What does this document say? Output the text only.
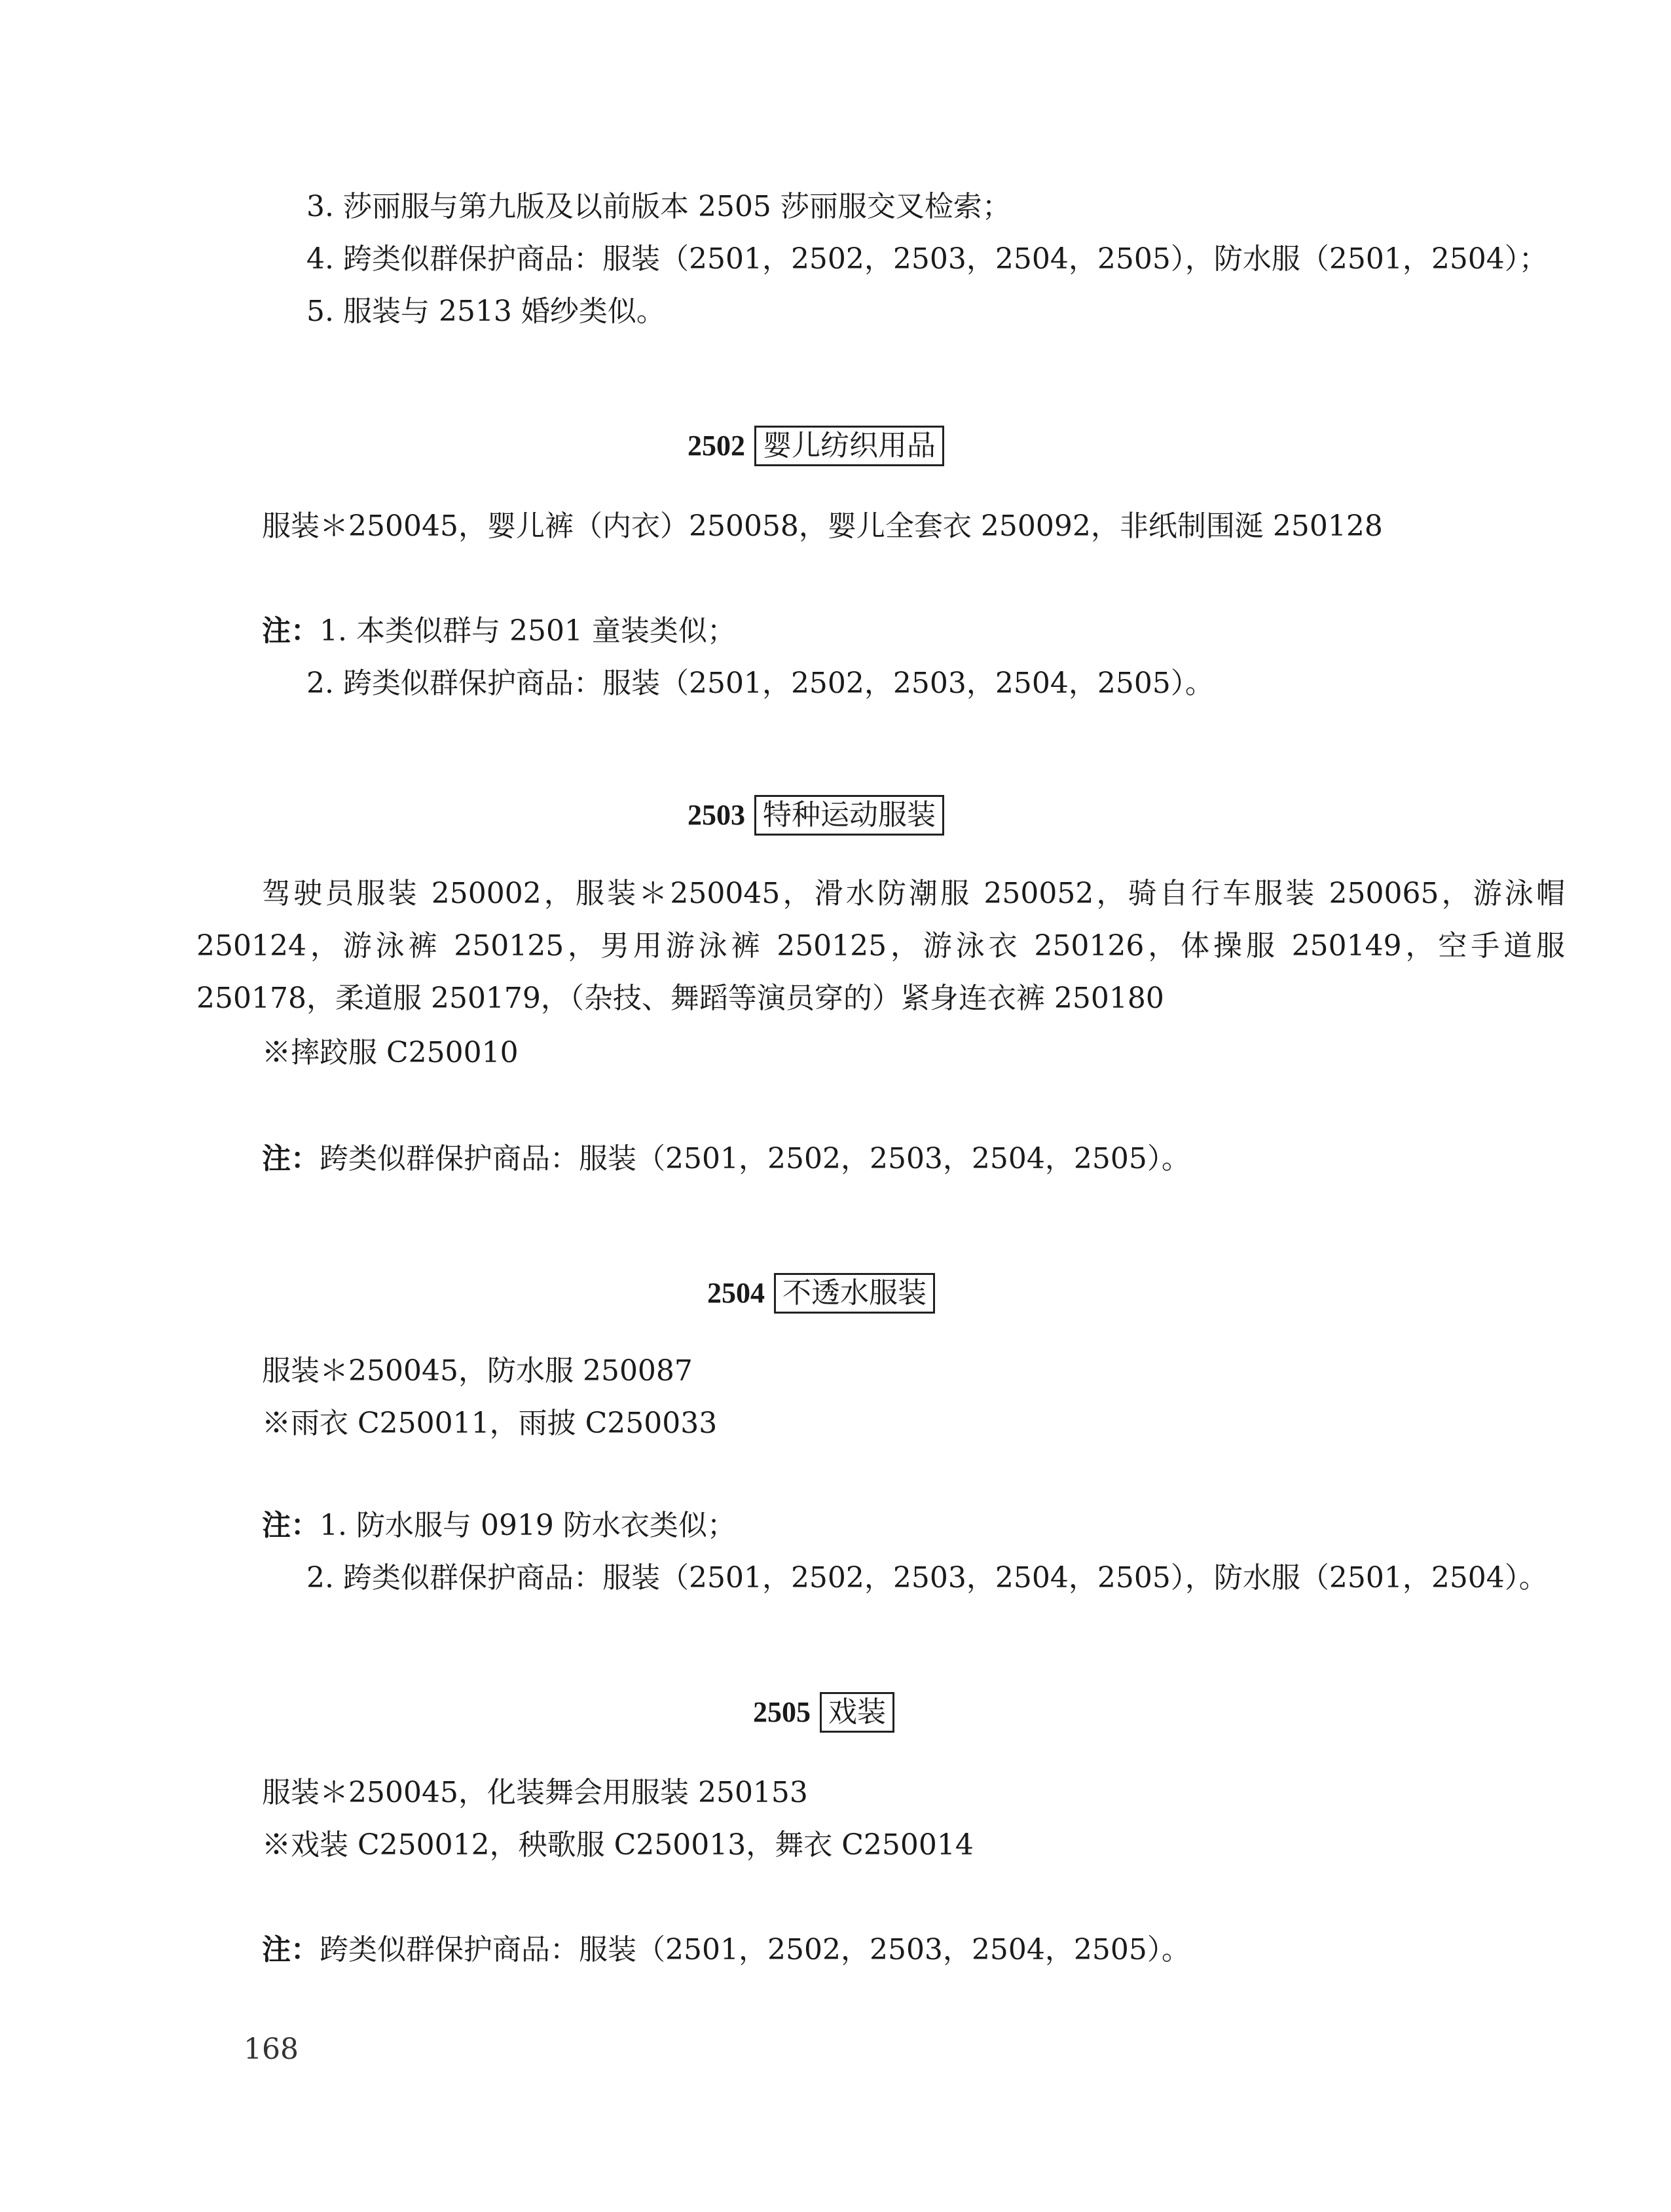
3. 莎丽服与第九版及以前版本 2505 莎丽服交叉检索；
4. 跨类似群保护商品：服装（2501，2502，2503，2504，2505），防水服（2501，2504）；
5. 服装与 2513 婚纱类似。
2502 婴儿纺织用品
服装＊250045，婴儿裤（内衣）250058，婴儿全套衣 250092，非纸制围涎 250128
注：1. 本类似群与 2501 童装类似；
2. 跨类似群保护商品：服装（2501，2502，2503，2504，2505）。
2503 特种运动服装
驾驶员服装 250002，服装＊250045，滑水防潮服 250052，骑自行车服装 250065，游泳帽 250124，游泳裤 250125，男用游泳裤 250125，游泳衣 250126，体操服 250149，空手道服 250178，柔道服 250179，（杂技、舞蹈等演员穿的）紧身连衣裤 250180
※摔跤服 C250010
注：跨类似群保护商品：服装（2501，2502，2503，2504，2505）。
2504 不透水服装
服装＊250045，防水服 250087
※雨衣 C250011，雨披 C250033
注：1. 防水服与 0919 防水衣类似；
2. 跨类似群保护商品：服装（2501，2502，2503，2504，2505），防水服（2501，2504）。
2505 戏装
服装＊250045，化装舞会用服装 250153
※戏装 C250012，秧歌服 C250013，舞衣 C250014
注：跨类似群保护商品：服装（2501，2502，2503，2504，2505）。
168
